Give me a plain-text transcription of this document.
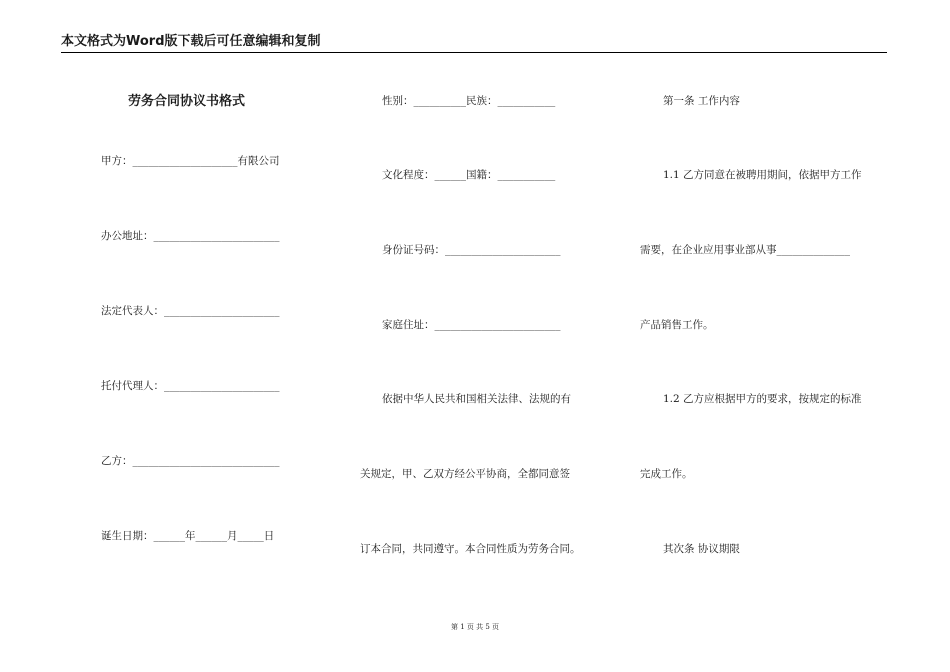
本文格式为Word版下载后可任意编辑和复制
劳务合同协议书格式
甲方：____________________有限公司
办公地址：________________________
法定代表人：______________________
托付代理人：______________________
乙方：____________________________
诞生日期：______年______月_____日
性别：__________民族：___________
文化程度：______国籍：___________
身份证号码：______________________
家庭住址：________________________
依据中华人民共和国相关法律、法规的有
关规定，甲、乙双方经公平协商，全都同意签
订本合同，共同遵守。本合同性质为劳务合同。
第一条 工作内容
1.1 乙方同意在被聘用期间，依据甲方工作
需要，在企业应用事业部从事______________
产品销售工作。
1.2 乙方应根据甲方的要求，按规定的标准
完成工作。
其次条 协议期限
第 1 页 共 5 页
